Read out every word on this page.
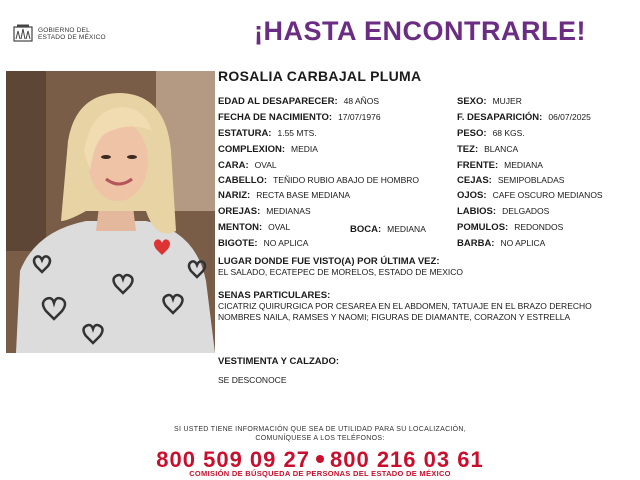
GOBIERNO DEL
ESTADO DE MÉXICO	¡HASTA ENCONTRARLE!
ROSALIA CARBAJAL PLUMA
EDAD AL DESAPARECER: 48 AÑOS
FECHA DE NACIMIENTO: 17/07/1976
ESTATURA: 1.55 MTS.
COMPLEXION: MEDIA
CARA: OVAL
CABELLO: TEÑIDO RUBIO ABAJO DE HOMBRO
NARIZ: RECTA BASE MEDIANA
OREJAS: MEDIANAS
MENTON: OVAL	BOCA: MEDIANA
BIGOTE: NO APLICA
SEXO: MUJER
F. DESAPARICIÓN: 06/07/2025
PESO: 68 KGS.
TEZ: BLANCA
FRENTE: MEDIANA
CEJAS: SEMIPOBLADAS
OJOS: CAFE OSCURO MEDIANOS
LABIOS: DELGADOS
POMULOS: REDONDOS
BARBA: NO APLICA
LUGAR DONDE FUE VISTO(A) POR ÚLTIMA VEZ:
EL SALADO, ECATEPEC DE MORELOS, ESTADO DE MEXICO
SENAS PARTICULARES:
CICATRIZ QUIRURGICA POR CESAREA EN EL ABDOMEN, TATUAJE EN EL BRAZO DERECHO NOMBRES NAILA, RAMSES Y NAOMI; FIGURAS DE DIAMANTE, CORAZON Y ESTRELLA
VESTIMENTA Y CALZADO:
SE DESCONOCE
SI USTED TIENE INFORMACIÓN QUE SEA DE UTILIDAD PARA SU LOCALIZACIÓN,
COMUNÍQUESE A LOS TELÉFONOS:
800 509 09 27 800 216 03 61
COMISIÓN DE BÚSQUEDA DE PERSONAS DEL ESTADO DE MÉXICO
